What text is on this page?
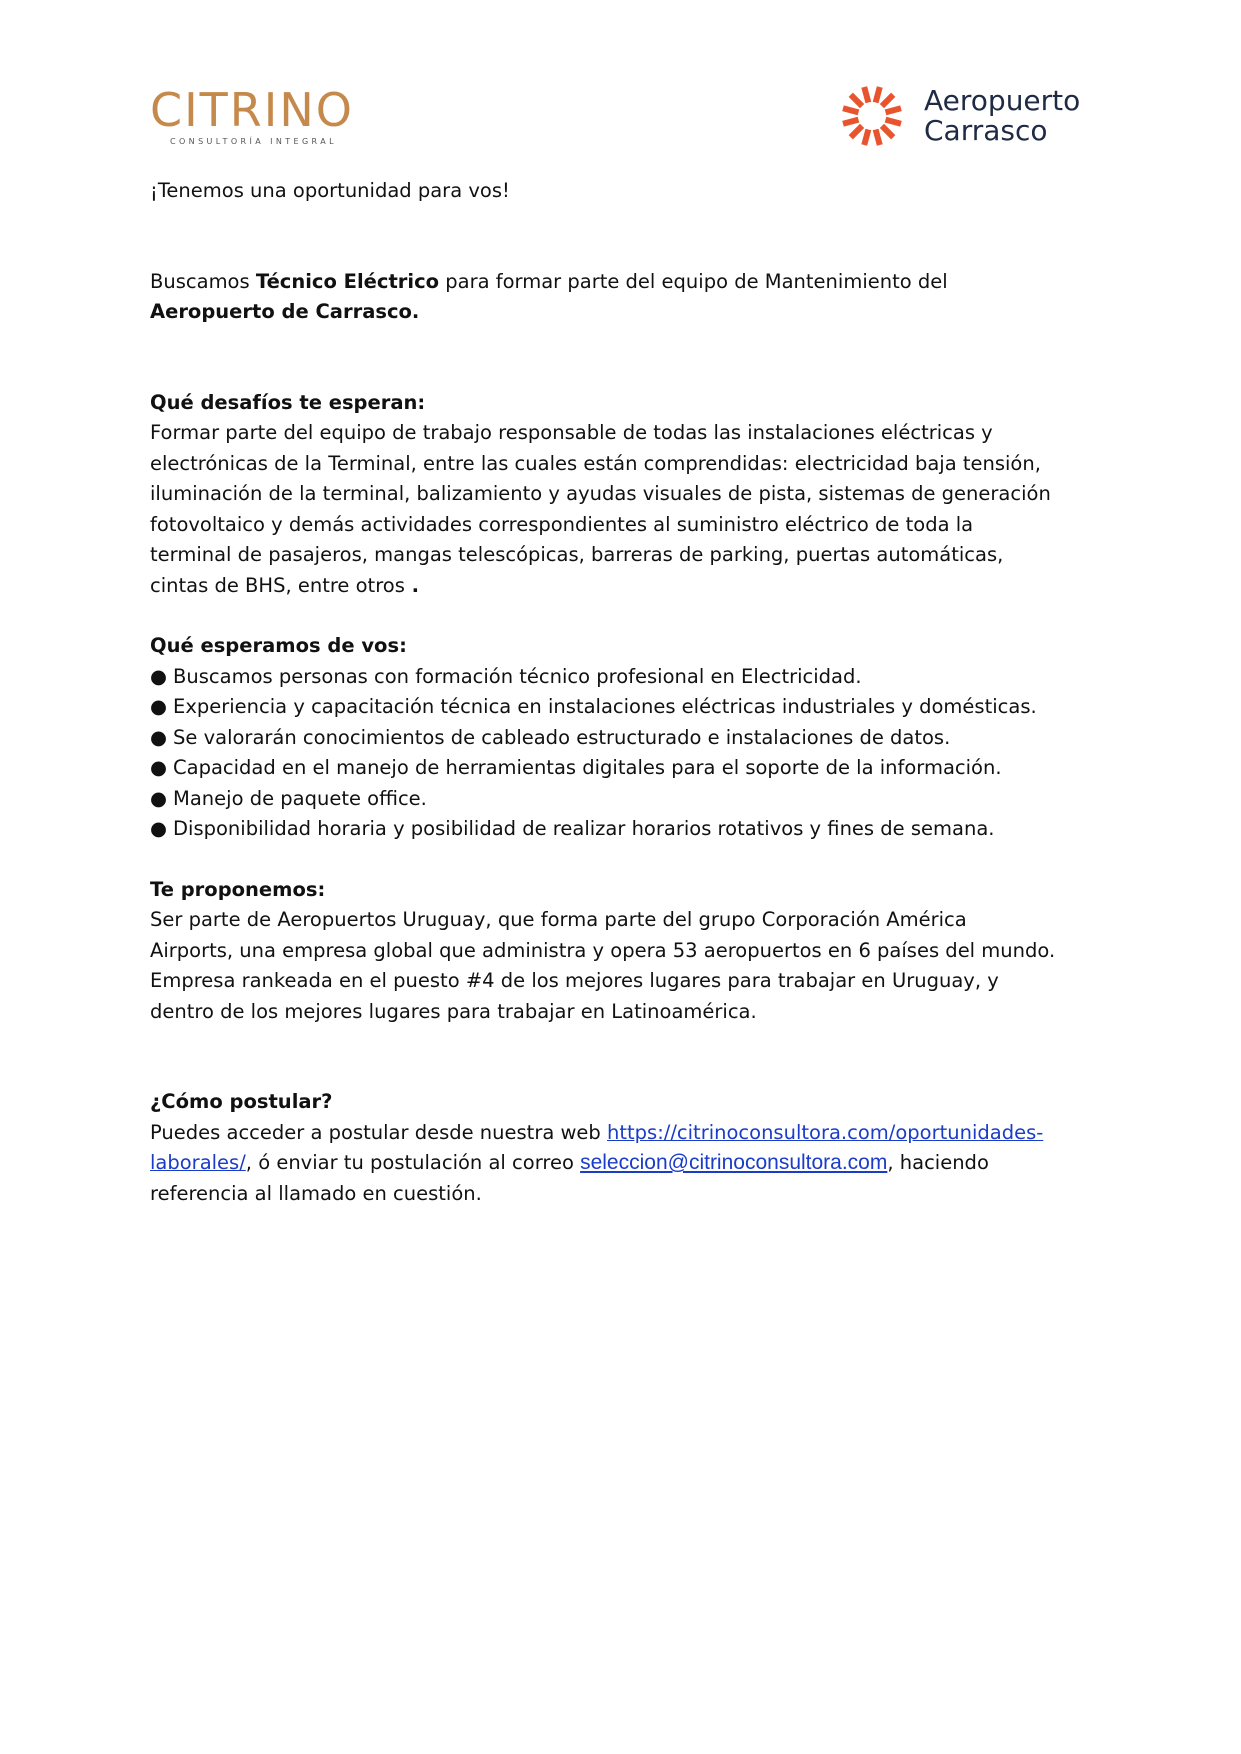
CITRINO
CONSULTORÍA INTEGRAL
Aeropuerto
Carrasco

¡Tenemos una oportunidad para vos!

Buscamos Técnico Eléctrico para formar parte del equipo de Mantenimiento del

Aeropuerto de Carrasco.

Qué desafíos te esperan:

Formar parte del equipo de trabajo responsable de todas las instalaciones eléctricas y

electrónicas de la Terminal, entre las cuales están comprendidas: electricidad baja tensión,

iluminación de la terminal, balizamiento y ayudas visuales de pista, sistemas de generación

fotovoltaico y demás actividades correspondientes al suministro eléctrico de toda la

terminal de pasajeros, mangas telescópicas, barreras de parking, puertas automáticas,

cintas de BHS, entre otros .

Qué esperamos de vos:

● Buscamos personas con formación técnico profesional en Electricidad.

● Experiencia y capacitación técnica en instalaciones eléctricas industriales y domésticas.

● Se valorarán conocimientos de cableado estructurado e instalaciones de datos.

● Capacidad en el manejo de herramientas digitales para el soporte de la información.

● Manejo de paquete office.

● Disponibilidad horaria y posibilidad de realizar horarios rotativos y fines de semana.

Te proponemos:

Ser parte de Aeropuertos Uruguay, que forma parte del grupo Corporación América

Airports, una empresa global que administra y opera 53 aeropuertos en 6 países del mundo.

Empresa rankeada en el puesto #4 de los mejores lugares para trabajar en Uruguay, y

dentro de los mejores lugares para trabajar en Latinoamérica.

¿Cómo postular?

Puedes acceder a postular desde nuestra web https://citrinoconsultora.com/oportunidades-

laborales/, ó enviar tu postulación al correo seleccion@citrinoconsultora.com, haciendo

referencia al llamado en cuestión.
